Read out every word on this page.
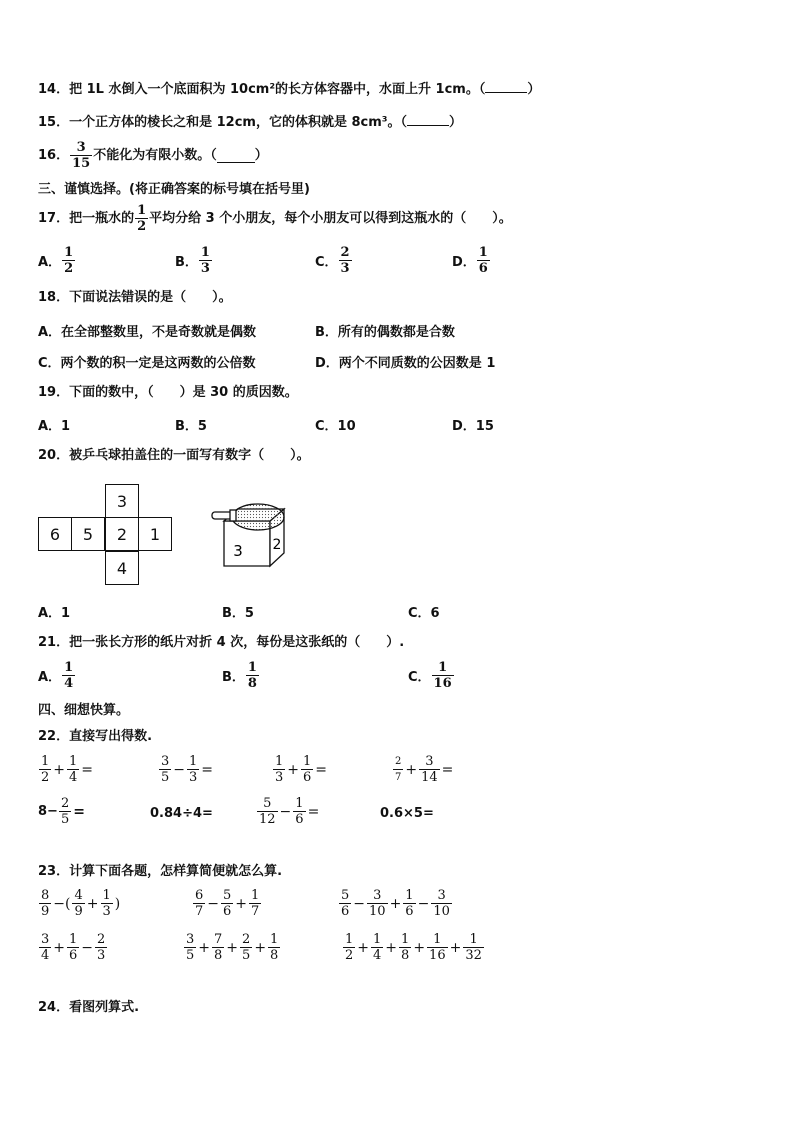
14．把 1L 水倒入一个底面积为 10cm²的长方体容器中，水面上升 1cm。（	）
15．一个正方体的棱长之和是 12cm，它的体积就是 8cm³。（	）
16． $\frac{3}{15}$ 不能化为有限小数。（	）
三、谨慎选择。(将正确答案的标号填在括号里)
17．把一瓶水的 $\frac{1}{2}$ 平均分给 3 个小朋友，每个小朋友可以得到这瓶水的（　　）。
A． $\frac{1}{2}$	B． $\frac{1}{3}$	C． $\frac{2}{3}$	D． $\frac{1}{6}$
18．下面说法错误的是（　　）。
A．在全部整数里，不是奇数就是偶数	B．所有的偶数都是合数
C．两个数的积一定是这两数的公倍数	D．两个不同质数的公因数是 1
19．下面的数中，（　　）是 30 的质因数。
A．1	B．5	C．10	D．15
20．被乒乓球拍盖住的一面写有数字（　　）。
3
6	5	2	1
4
3 2
A．1	B．5	C．6
21．把一张长方形的纸片对折 4 次，每份是这张纸的（　　）.
A． $\frac{1}{4}$	B． $\frac{1}{8}$	C． $\frac{1}{16}$
四、细想快算。
22．直接写出得数.
$\frac{1}{2} + \frac{1}{4}$ =	$\frac{3}{5} - \frac{1}{3}$ =	$\frac{1}{3} + \frac{1}{6}$ =	$\frac{2}{7} + \frac{3}{14}$ =
$8- \frac{2}{5}$ =	0.84÷4=	$\frac{5}{12} - \frac{1}{6}$ =	0.6×5=
23．计算下面各题，怎样算简便就怎么算.
$\frac{8}{9}$ −( $\frac{4}{9} + \frac{1}{3}$ )	$\frac{6}{7} - \frac{5}{6} + \frac{1}{7}$	$\frac{5}{6} - \frac{3}{10} + \frac{1}{6} - \frac{3}{10}$
$\frac{3}{4} + \frac{1}{6} - \frac{2}{3}$	$\frac{3}{5} + \frac{7}{8} + \frac{2}{5} + \frac{1}{8}$	$\frac{1}{2} + \frac{1}{4} + \frac{1}{8} + \frac{1}{16} + \frac{1}{32}$
24．看图列算式.
